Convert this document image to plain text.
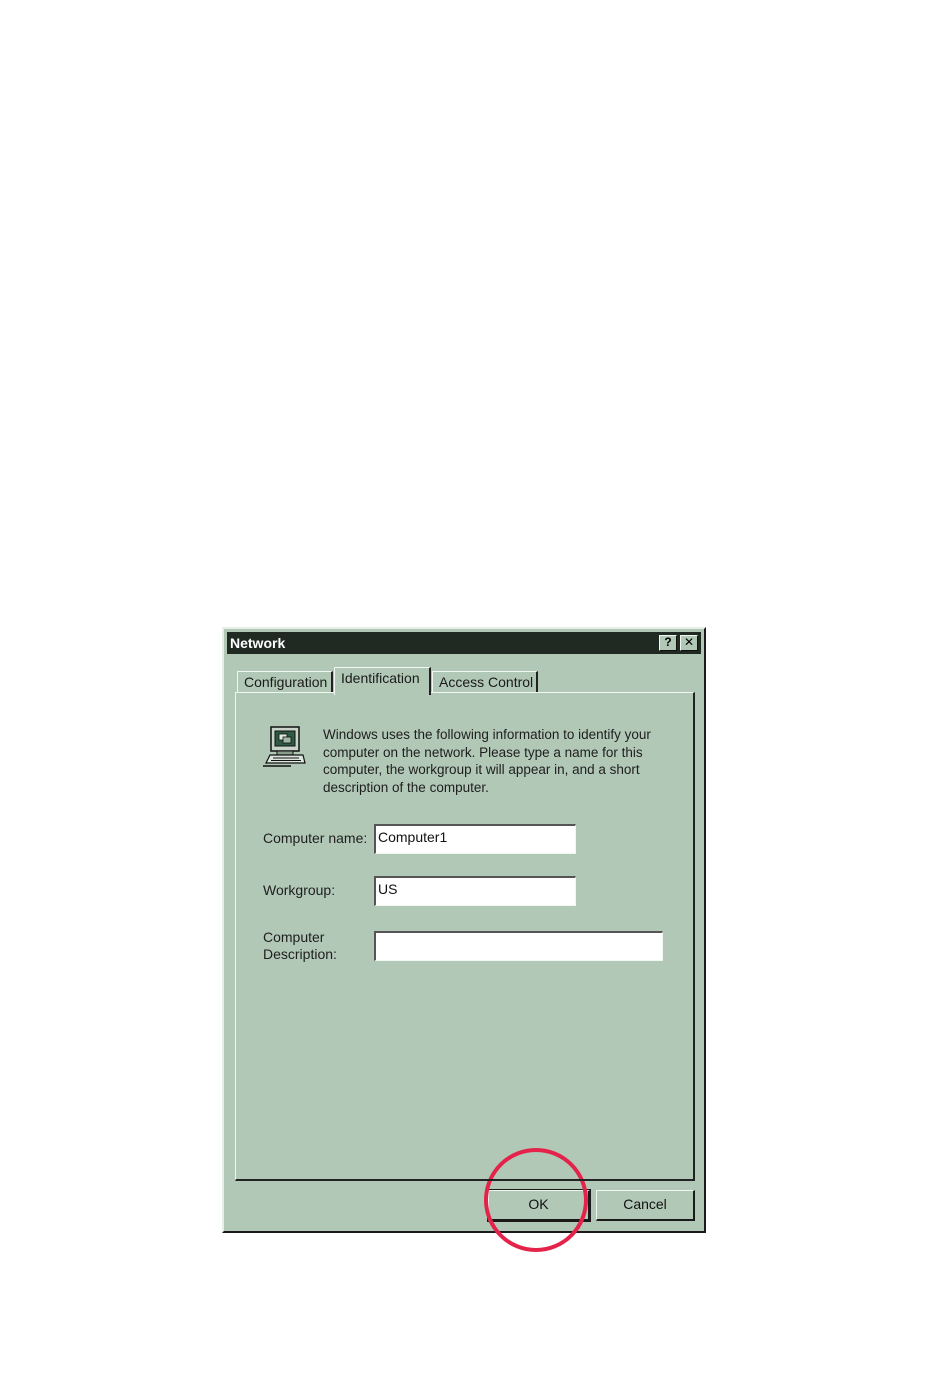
Network	?	✕
Configuration Identification	Access Control
Windows uses the following information to identify your computer on the network. Please type a name for this computer, the workgroup it will appear in, and a short description of the computer.
Computer name: Computer1
Workgroup:	US
Computer
Description:
OK	Cancel
